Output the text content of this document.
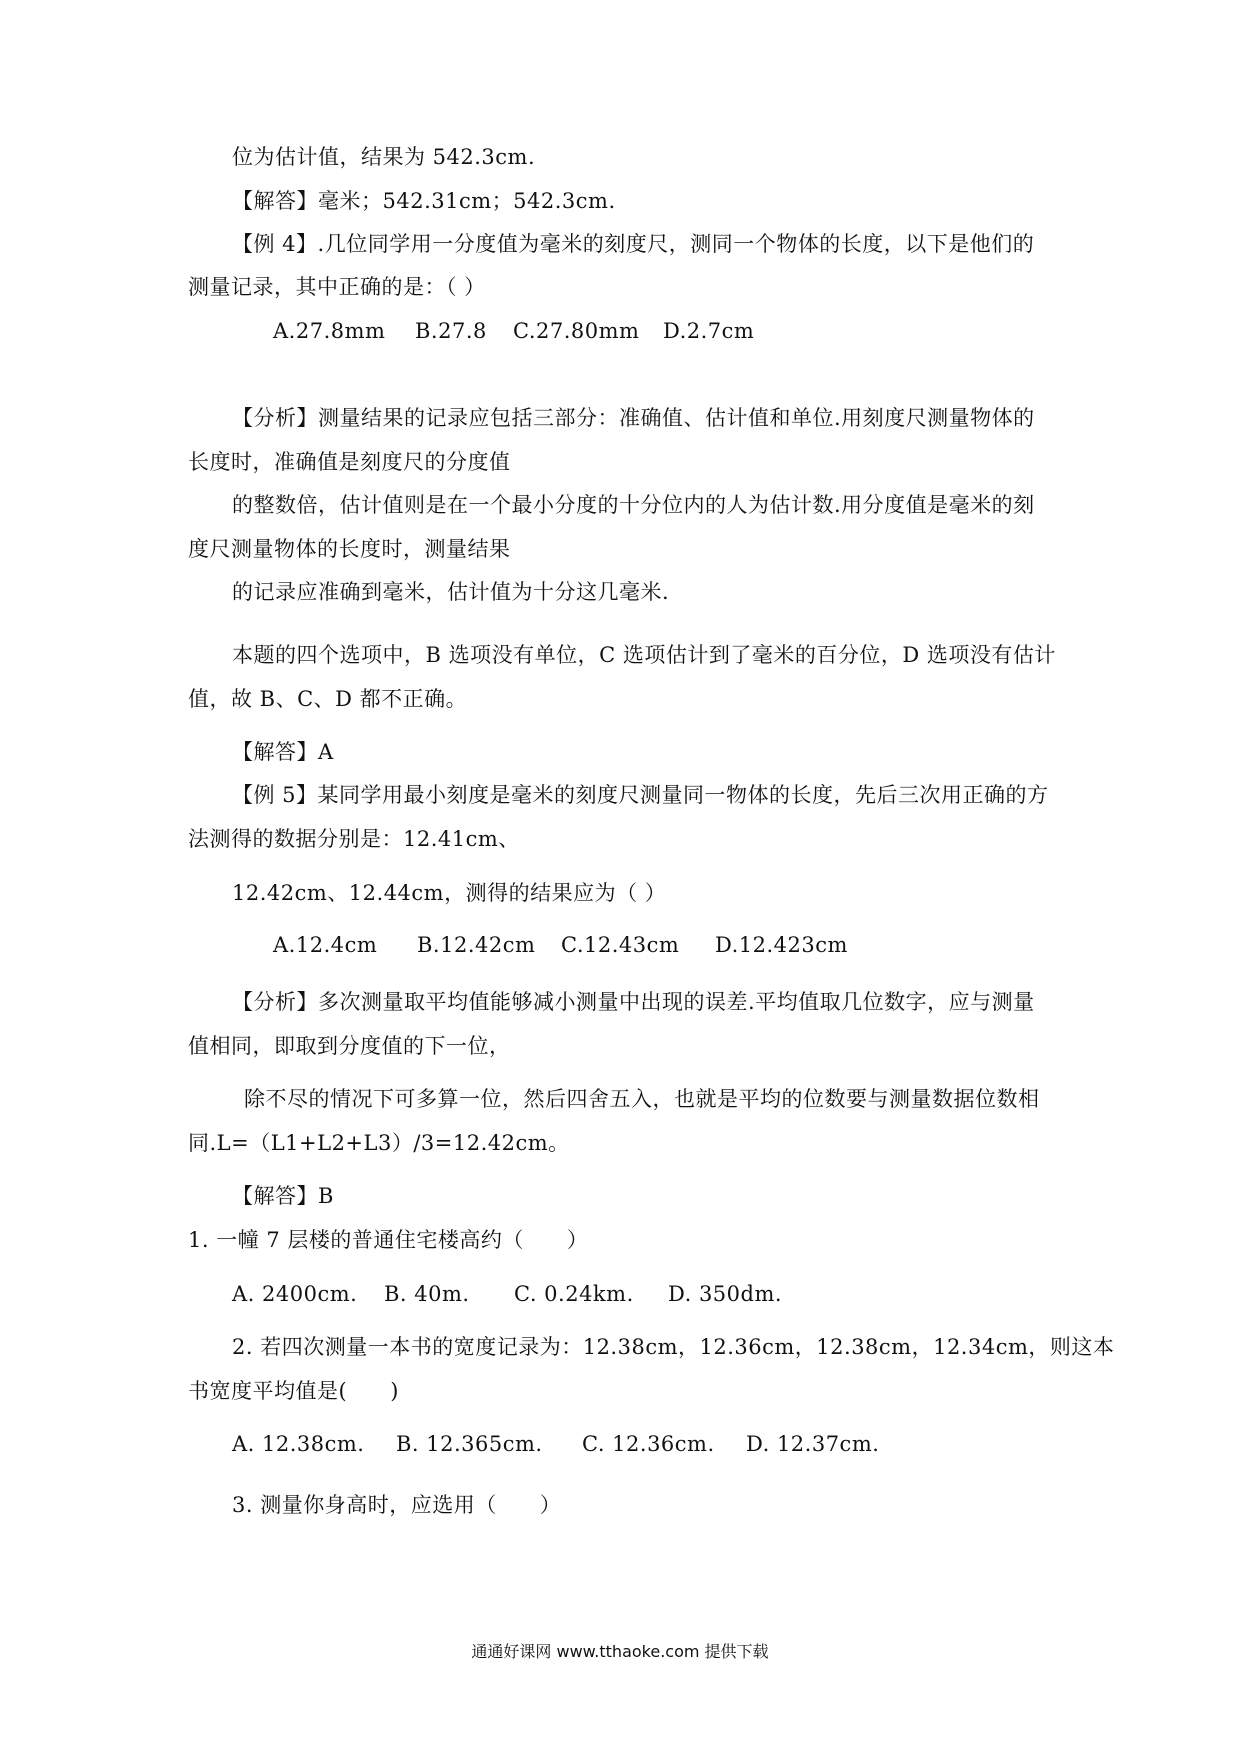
位为估计值，结果为 542.3cm.
【解答】毫米；542.31cm；542.3cm.
【例 4】.几位同学用一分度值为毫米的刻度尺，测同一个物体的长度，以下是他们的
测量记录，其中正确的是：（ ）
A.27.8mm B.27.8 C.27.80mm D.2.7cm
【分析】测量结果的记录应包括三部分：准确值、估计值和单位.用刻度尺测量物体的
长度时，准确值是刻度尺的分度值
的整数倍，估计值则是在一个最小分度的十分位内的人为估计数.用分度值是毫米的刻
度尺测量物体的长度时，测量结果
的记录应准确到毫米，估计值为十分这几毫米.
本题的四个选项中，B 选项没有单位，C 选项估计到了毫米的百分位，D 选项没有估计
值，故 B、C、D 都不正确。
【解答】A
【例 5】某同学用最小刻度是毫米的刻度尺测量同一物体的长度，先后三次用正确的方
法测得的数据分别是：12.41cm、
12.42cm、12.44cm，测得的结果应为（ ）
A.12.4cm B.12.42cm C.12.43cm D.12.423cm
【分析】多次测量取平均值能够减小测量中出现的误差.平均值取几位数字，应与测量
值相同，即取到分度值的下一位，
除不尽的情况下可多算一位，然后四舍五入，也就是平均的位数要与测量数据位数相
同.L=（L1+L2+L3）/3=12.42cm。
【解答】B
1. 一幢 7 层楼的普通住宅楼高约（　　）
A. 2400cm. B. 40m. C. 0.24km. D. 350dm.
2. 若四次测量一本书的宽度记录为：12.38cm，12.36cm，12.38cm，12.34cm，则这本
书宽度平均值是(　　)
A. 12.38cm. B. 12.365cm. C. 12.36cm. D. 12.37cm.
3. 测量你身高时，应选用（　　）
通通好课网 www.tthaoke.com 提供下载
